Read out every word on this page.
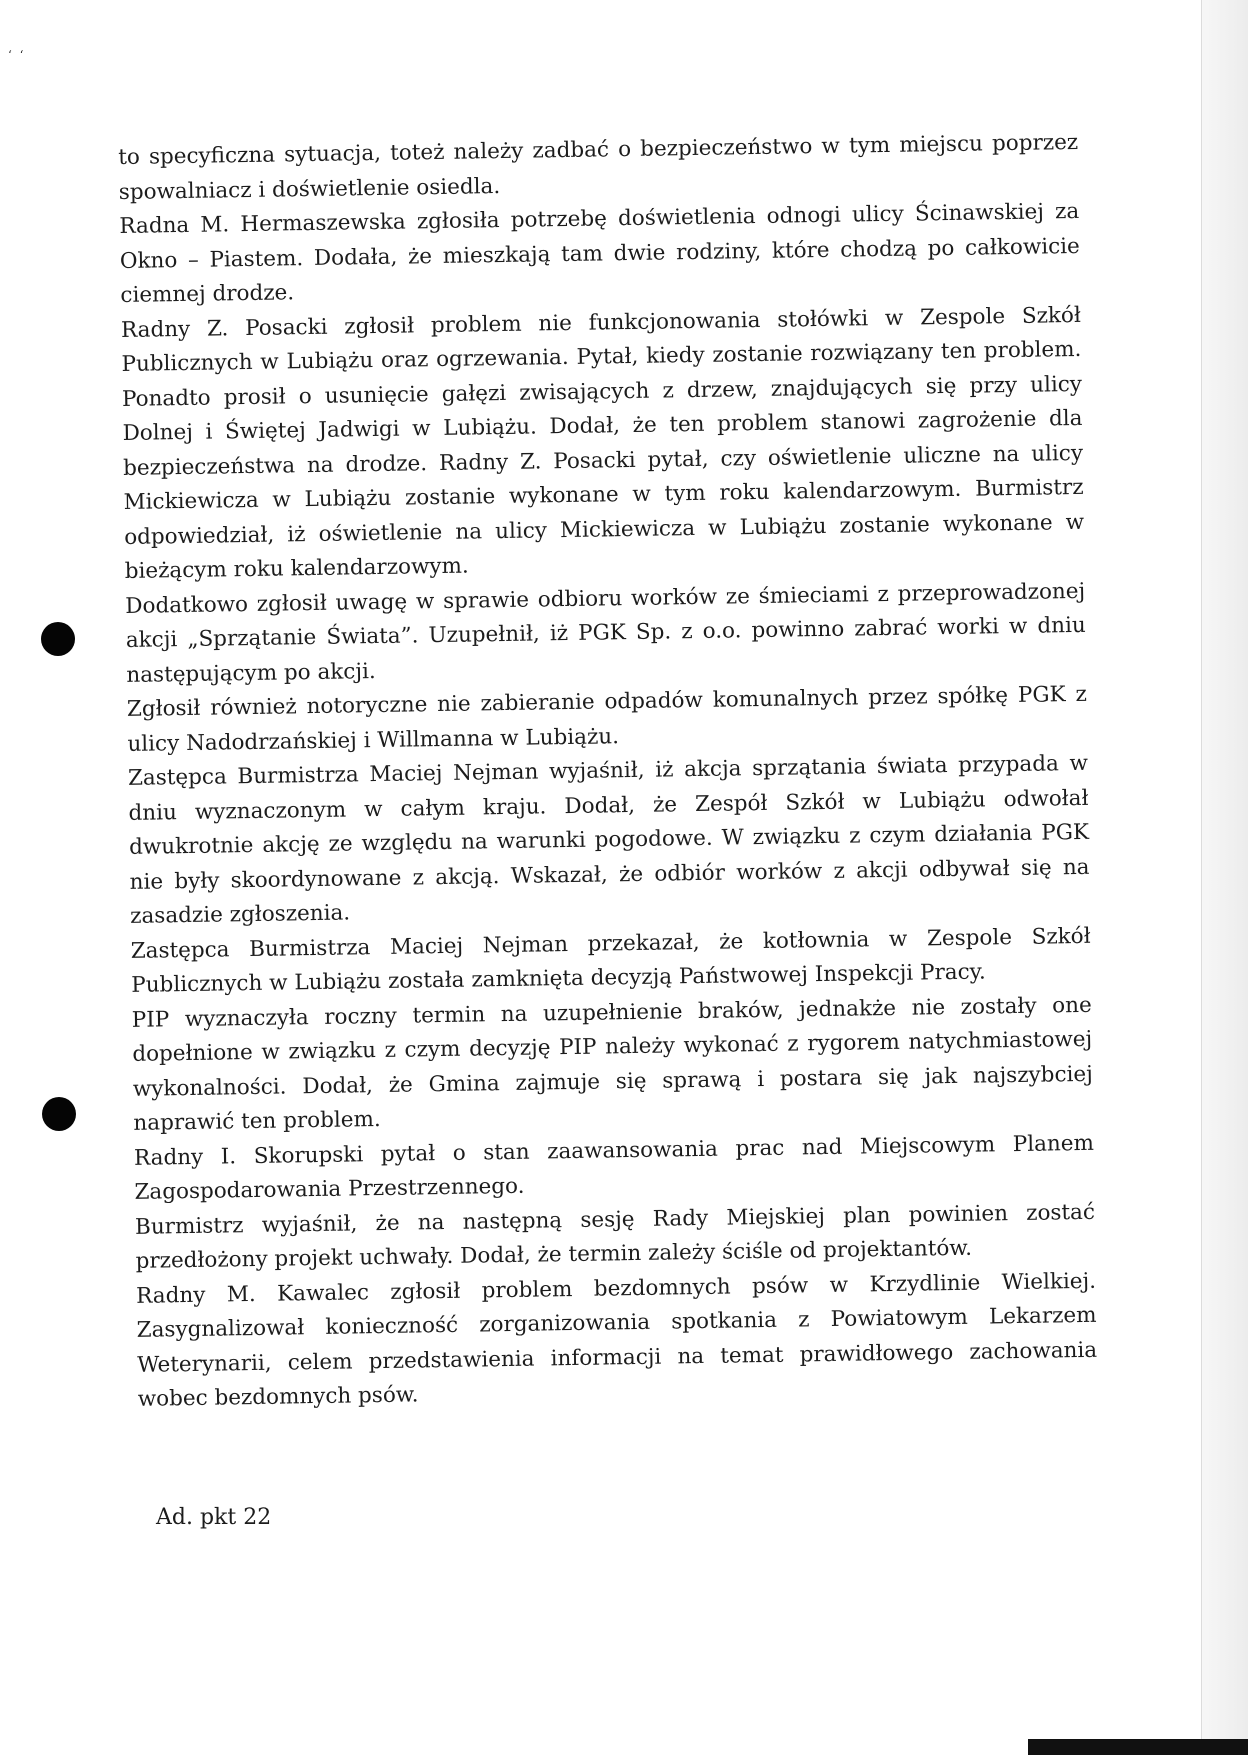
ʻ ʻ

to specyficzna sytuacja, toteż należy zadbać o bezpieczeństwo w tym miejscu poprzez spowalniacz i doświetlenie osiedla.

Radna M. Hermaszewska zgłosiła potrzebę doświetlenia odnogi ulicy Ścinawskiej za Okno – Piastem. Dodała, że mieszkają tam dwie rodziny, które chodzą po całkowicie ciemnej drodze.

Radny Z. Posacki zgłosił problem nie funkcjonowania stołówki w Zespole Szkół Publicznych w Lubiążu oraz ogrzewania. Pytał, kiedy zostanie rozwiązany ten problem. Ponadto prosił o usunięcie gałęzi zwisających z drzew, znajdujących się przy ulicy Dolnej i Świętej Jadwigi w Lubiążu. Dodał, że ten problem stanowi zagrożenie dla bezpieczeństwa na drodze. Radny Z. Posacki pytał, czy oświetlenie uliczne na ulicy Mickiewicza w Lubiążu zostanie wykonane w tym roku kalendarzowym. Burmistrz odpowiedział, iż oświetlenie na ulicy Mickiewicza w Lubiążu zostanie wykonane w bieżącym roku kalendarzowym.

Dodatkowo zgłosił uwagę w sprawie odbioru worków ze śmieciami z przeprowadzonej akcji „Sprzątanie Świata”. Uzupełnił, iż PGK Sp. z o.o. powinno zabrać worki w dniu następującym po akcji.

Zgłosił również notoryczne nie zabieranie odpadów komunalnych przez spółkę PGK z ulicy Nadodrzańskiej i Willmanna w Lubiążu.

Zastępca Burmistrza Maciej Nejman wyjaśnił, iż akcja sprzątania świata przypada w dniu wyznaczonym w całym kraju. Dodał, że Zespół Szkół w Lubiążu odwołał dwukrotnie akcję ze względu na warunki pogodowe. W związku z czym działania PGK nie były skoordynowane z akcją. Wskazał, że odbiór worków z akcji odbywał się na zasadzie zgłoszenia.

Zastępca Burmistrza Maciej Nejman przekazał, że kotłownia w Zespole Szkół Publicznych w Lubiążu została zamknięta decyzją Państwowej Inspekcji Pracy.

PIP wyznaczyła roczny termin na uzupełnienie braków, jednakże nie zostały one dopełnione w związku z czym decyzję PIP należy wykonać z rygorem natychmiastowej wykonalności. Dodał, że Gmina zajmuje się sprawą i postara się jak najszybciej naprawić ten problem.

Radny I. Skorupski pytał o stan zaawansowania prac nad Miejscowym Planem Zagospodarowania Przestrzennego.

Burmistrz wyjaśnił, że na następną sesję Rady Miejskiej plan powinien zostać przedłożony projekt uchwały. Dodał, że termin zależy ściśle od projektantów.

Radny M. Kawalec zgłosił problem bezdomnych psów w Krzydlinie Wielkiej. Zasygnalizował konieczność zorganizowania spotkania z Powiatowym Lekarzem Weterynarii, celem przedstawienia informacji na temat prawidłowego zachowania wobec bezdomnych psów.

Ad. pkt 22
